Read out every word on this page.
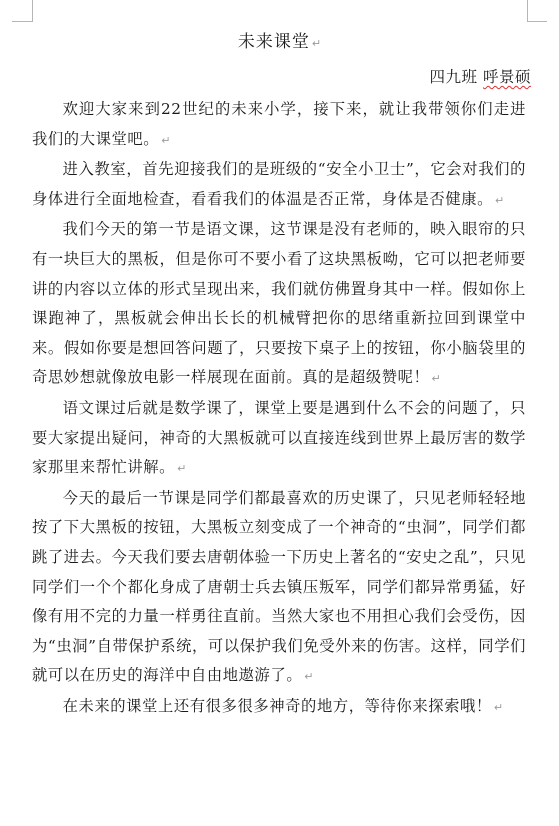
未来课堂 ↵
四九班 呼景硕

欢迎大家来到22世纪的未来小学，接下来，就让我带领你们走进我们的大课堂吧。 ↵

进入教室，首先迎接我们的是班级的“安全小卫士”，它会对我们的身体进行全面地检查，看看我们的体温是否正常，身体是否健康。 ↵

我们今天的第一节是语文课，这节课是没有老师的，映入眼帘的只有一块巨大的黑板，但是你可不要小看了这块黑板呦，它可以把老师要讲的内容以立体的形式呈现出来，我们就仿佛置身其中一样。假如你上课跑神了，黑板就会伸出长长的机械臂把你的思绪重新拉回到课堂中来。假如你要是想回答问题了，只要按下桌子上的按钮，你小脑袋里的奇思妙想就像放电影一样展现在面前。真的是超级赞呢！ ↵

语文课过后就是数学课了，课堂上要是遇到什么不会的问题了，只要大家提出疑问，神奇的大黑板就可以直接连线到世界上最厉害的数学家那里来帮忙讲解。 ↵

今天的最后一节课是同学们都最喜欢的历史课了，只见老师轻轻地按了下大黑板的按钮，大黑板立刻变成了一个神奇的“虫洞”，同学们都跳了进去。今天我们要去唐朝体验一下历史上著名的“安史之乱”，只见同学们一个个都化身成了唐朝士兵去镇压叛军，同学们都异常勇猛，好像有用不完的力量一样勇往直前。当然大家也不用担心我们会受伤，因为“虫洞”自带保护系统，可以保护我们免受外来的伤害。这样，同学们就可以在历史的海洋中自由地遨游了。 ↵

在未来的课堂上还有很多很多神奇的地方，等待你来探索哦！ ↵
